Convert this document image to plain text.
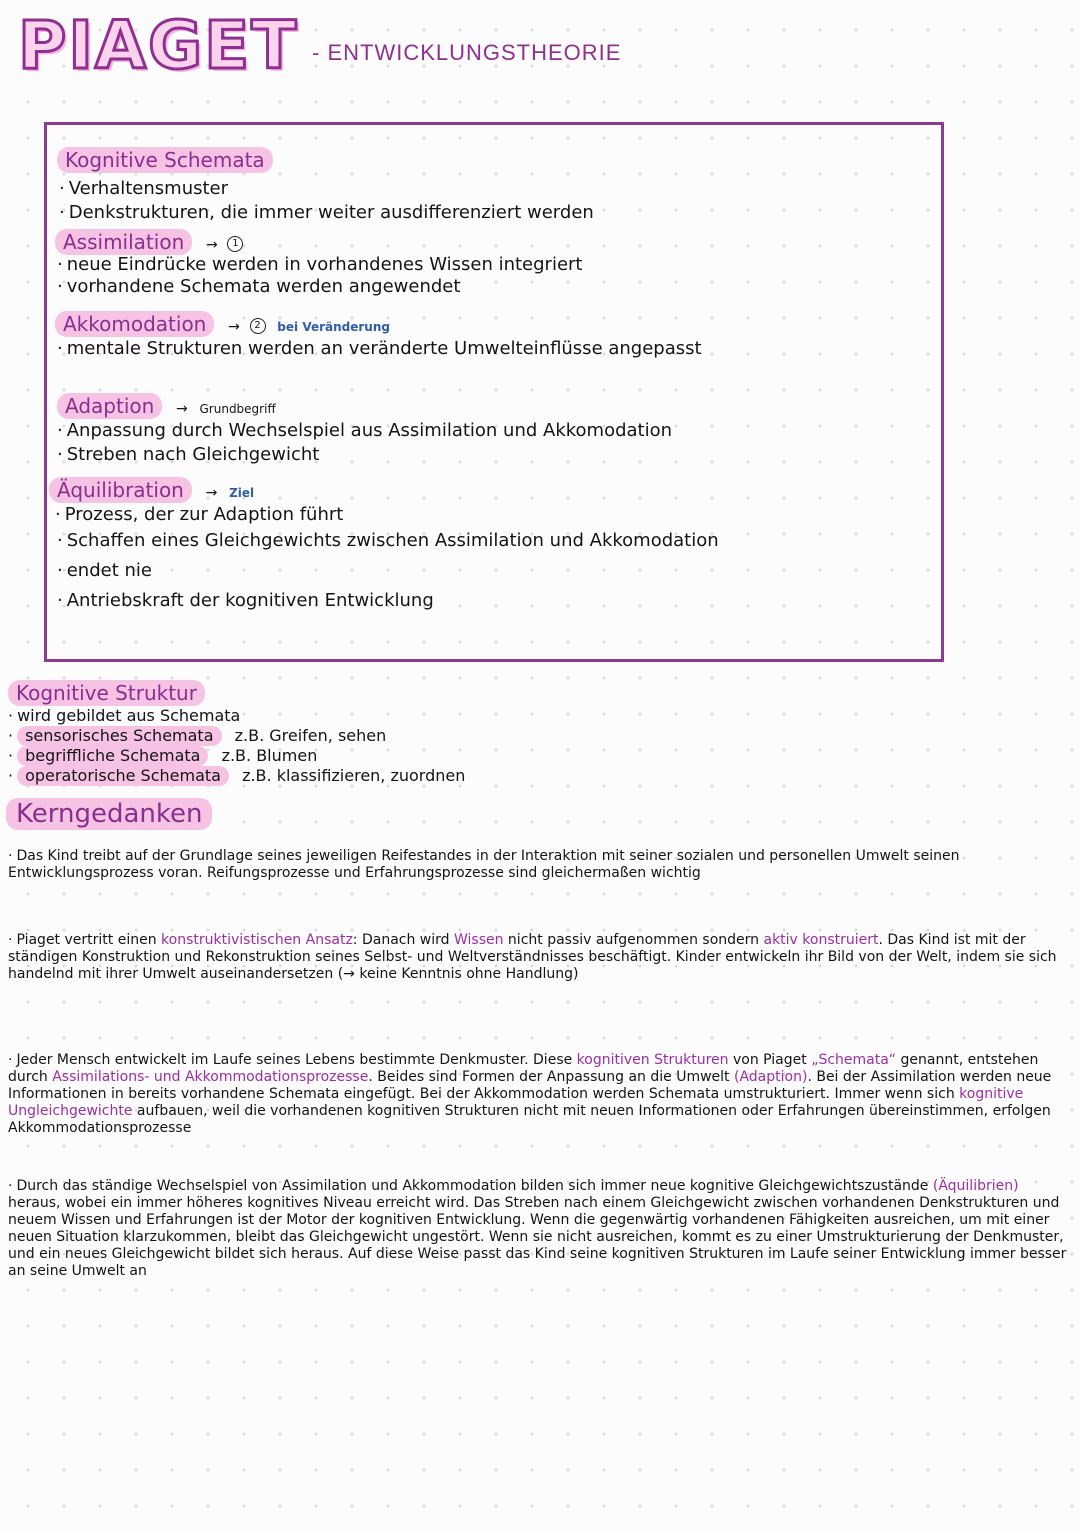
PIAGET - ENTWICKLUNGSTHEORIE
Kognitive Schemata
· Verhaltensmuster
· Denkstrukturen, die immer weiter ausdifferenziert werden
Assimilation → 1
· neue Eindrücke werden in vorhandenes Wissen integriert
· vorhandene Schemata werden angewendet
Akkomodation → 2 bei Veränderung
· mentale Strukturen werden an veränderte Umwelteinflüsse angepasst
Adaption → Grundbegriff
· Anpassung durch Wechselspiel aus Assimilation und Akkomodation
· Streben nach Gleichgewicht
Äquilibration → Ziel
· Prozess, der zur Adaption führt
· Schaffen eines Gleichgewichts zwischen Assimilation und Akkomodation
· endet nie
· Antriebskraft der kognitiven Entwicklung
Kognitive Struktur
· wird gebildet aus Schemata
· sensorisches Schemata z.B. Greifen, sehen
· begriffliche Schemata z.B. Blumen
· operatorische Schemata z.B. klassifizieren, zuordnen
Kerngedanken
· Das Kind treibt auf der Grundlage seines jeweiligen Reifestandes in der Interaktion mit seiner sozialen und personellen Umwelt seinen Entwicklungsprozess voran. Reifungsprozesse und Erfahrungsprozesse sind gleichermaßen wichtig
· Piaget vertritt einen konstruktivistischen Ansatz: Danach wird Wissen nicht passiv aufgenommen sondern aktiv konstruiert. Das Kind ist mit der ständigen Konstruktion und Rekonstruktion seines Selbst- und Weltverständnisses beschäftigt. Kinder entwickeln ihr Bild von der Welt, indem sie sich handelnd mit ihrer Umwelt auseinandersetzen (→ keine Kenntnis ohne Handlung)
· Jeder Mensch entwickelt im Laufe seines Lebens bestimmte Denkmuster. Diese kognitiven Strukturen von Piaget „Schemata“ genannt, entstehen durch Assimilations- und Akkommodationsprozesse. Beides sind Formen der Anpassung an die Umwelt (Adaption). Bei der Assimilation werden neue Informationen in bereits vorhandene Schemata eingefügt. Bei der Akkommodation werden Schemata umstrukturiert. Immer wenn sich kognitive Ungleichgewichte aufbauen, weil die vorhandenen kognitiven Strukturen nicht mit neuen Informationen oder Erfahrungen übereinstimmen, erfolgen Akkommodationsprozesse
· Durch das ständige Wechselspiel von Assimilation und Akkommodation bilden sich immer neue kognitive Gleichgewichtszustände (Äquilibrien) heraus, wobei ein immer höheres kognitives Niveau erreicht wird. Das Streben nach einem Gleichgewicht zwischen vorhandenen Denkstrukturen und neuem Wissen und Erfahrungen ist der Motor der kognitiven Entwicklung. Wenn die gegenwärtig vorhandenen Fähigkeiten ausreichen, um mit einer neuen Situation klarzukommen, bleibt das Gleichgewicht ungestört. Wenn sie nicht ausreichen, kommt es zu einer Umstrukturierung der Denkmuster, und ein neues Gleichgewicht bildet sich heraus. Auf diese Weise passt das Kind seine kognitiven Strukturen im Laufe seiner Entwicklung immer besser an seine Umwelt an
